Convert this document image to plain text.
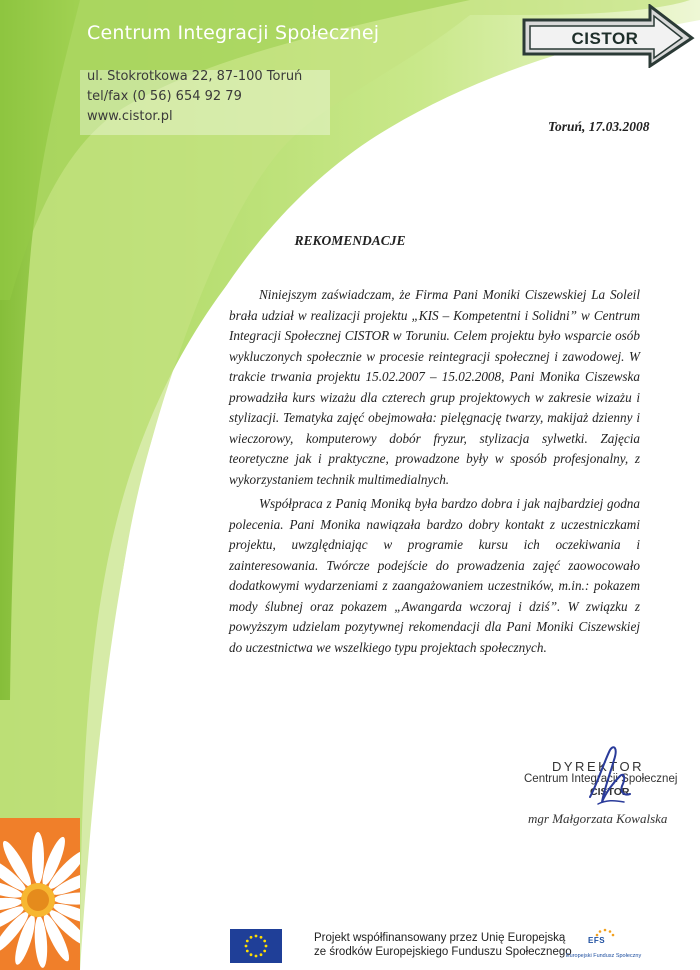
Centrum Integracji Społecznej
ul. Stokrotkowa 22, 87-100 Toruń
tel/fax (0 56) 654 92 79
www.cistor.pl
CISTOR
Toruń, 17.03.2008
REKOMENDACJE

Niniejszym zaświadczam, że Firma Pani Moniki Ciszewskiej La Soleil brała udział w realizacji projektu „KIS – Kompetentni i Solidni” w Centrum Integracji Społecznej CISTOR w Toruniu. Celem projektu było wsparcie osób wykluczonych społecznie w procesie reintegracji społecznej i zawodowej. W trakcie trwania projektu 15.02.2007 – 15.02.2008, Pani Monika Ciszewska prowadziła kurs wizażu dla czterech grup projektowych w zakresie wizażu i stylizacji. Tematyka zajęć obejmowała: pielęgnację twarzy, makijaż dzienny i wieczorowy, komputerowy dobór fryzur, stylizacja sylwetki. Zajęcia teoretyczne jak i praktyczne, prowadzone były w sposób profesjonalny, z wykorzystaniem technik multimedialnych.

Współpraca z Panią Moniką była bardzo dobra i jak najbardziej godna polecenia. Pani Monika nawiązała bardzo dobry kontakt z uczestniczkami projektu, uwzględniając w programie kursu ich oczekiwania i zainteresowania. Twórcze podejście do prowadzenia zajęć zaowocowało dodatkowymi wydarzeniami z zaangażowaniem uczestników, m.in.: pokazem mody ślubnej oraz pokazem „Awangarda wczoraj i dziś”. W związku z powyższym udzielam pozytywnej rekomendacji dla Pani Moniki Ciszewskiej do uczestnictwa we wszelkiego typu projektach społecznych.

DYREKTOR
Centrum Integracji Społecznej
CISTOR
mgr Małgorzata Kowalska
Projekt współfinansowany przez Unię Europejską
ze środków Europejskiego Funduszu Społecznego
EFS
Europejski Fundusz Społeczny
